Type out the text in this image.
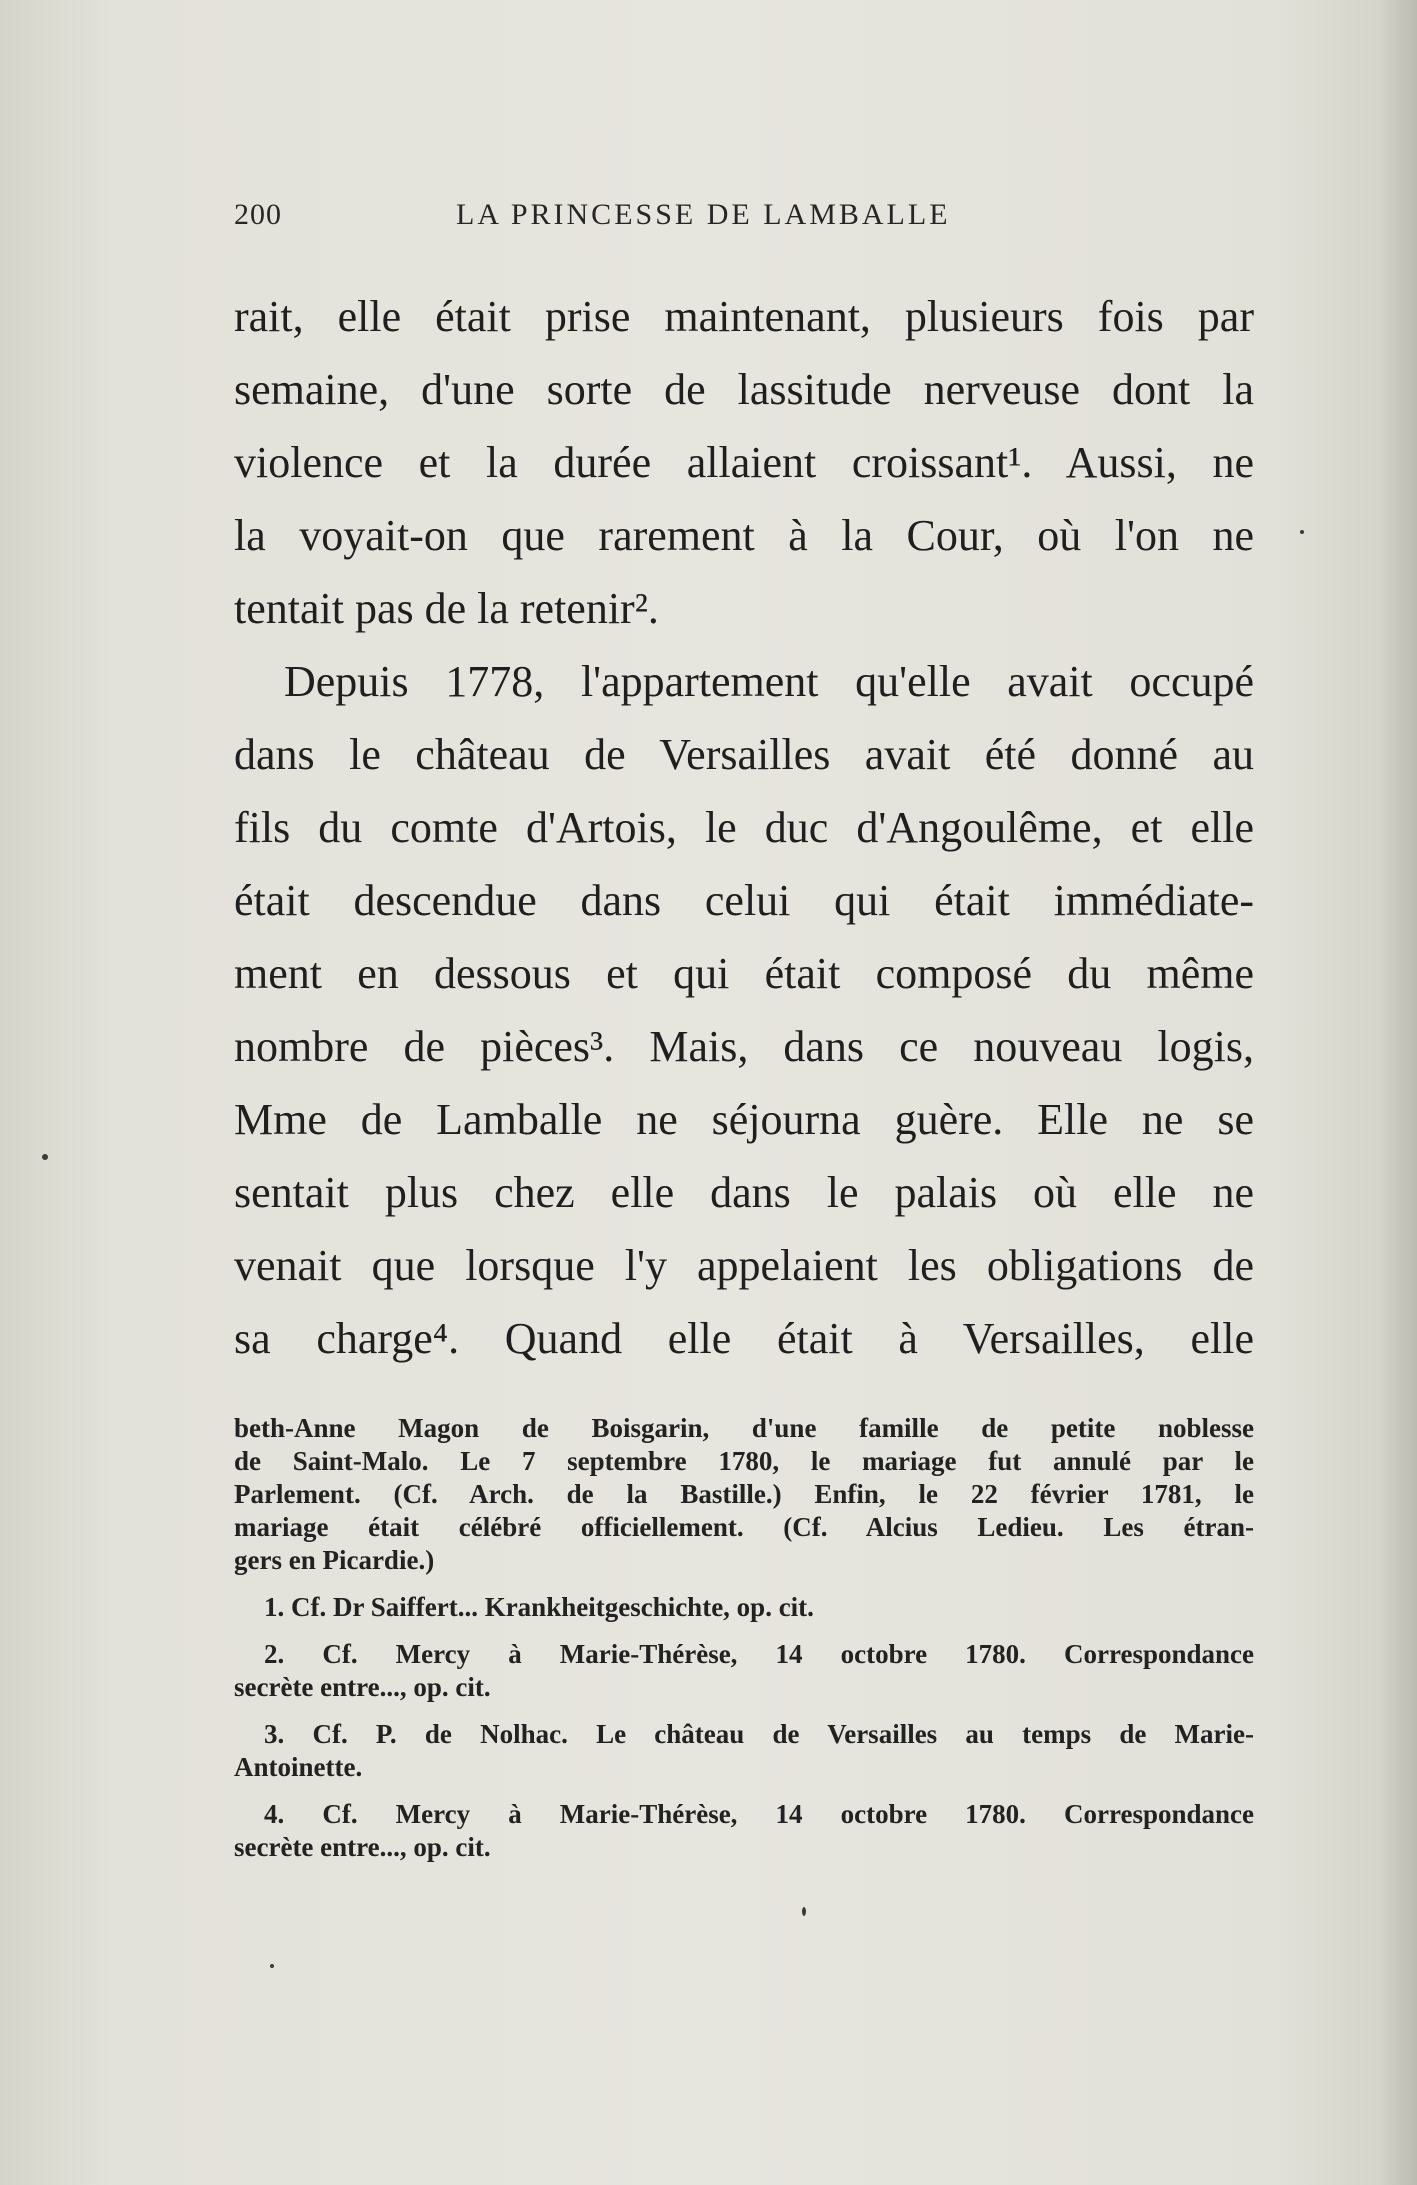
200	LA PRINCESSE DE LAMBALLE
rait, elle était prise maintenant, plusieurs fois par
semaine, d'une sorte de lassitude nerveuse dont la
violence et la durée allaient croissant¹. Aussi, ne
la voyait-on que rarement à la Cour, où l'on ne
tentait pas de la retenir².
Depuis 1778, l'appartement qu'elle avait occupé
dans le château de Versailles avait été donné au
fils du comte d'Artois, le duc d'Angoulême, et elle
était descendue dans celui qui était immédiate-
ment en dessous et qui était composé du même
nombre de pièces³. Mais, dans ce nouveau logis,
Mme de Lamballe ne séjourna guère. Elle ne se
sentait plus chez elle dans le palais où elle ne
venait que lorsque l'y appelaient les obligations de
sa charge⁴. Quand elle était à Versailles, elle
beth-Anne Magon de Boisgarin, d'une famille de petite noblesse
de Saint-Malo. Le 7 septembre 1780, le mariage fut annulé par le
Parlement. (Cf. Arch. de la Bastille.) Enfin, le 22 février 1781, le
mariage était célébré officiellement. (Cf. Alcius Ledieu. Les étran-
gers en Picardie.)
1. Cf. Dr Saiffert... Krankheitgeschichte, op. cit.
2. Cf. Mercy à Marie-Thérèse, 14 octobre 1780. Correspondance
secrète entre..., op. cit.
3. Cf. P. de Nolhac. Le château de Versailles au temps de Marie-
Antoinette.
4. Cf. Mercy à Marie-Thérèse, 14 octobre 1780. Correspondance
secrète entre..., op. cit.
